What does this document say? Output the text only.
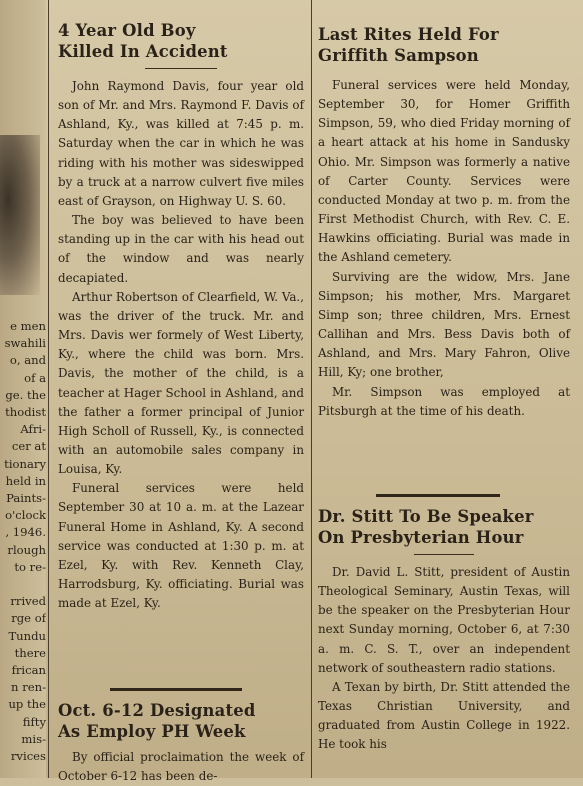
e men
swahili
o, and
of a
ge. the
thodist
Afri-
cer at
tionary
held in
Paints-
o'clock
, 1946.
rlough
to re-

rrived
rge of
Tundu
there
frican
n ren-
up the
fifty
mis-
rvices
4 Year Old Boy
Killed In Accident

John Raymond Davis, four year old son of Mr. and Mrs. Raymond F. Davis of Ashland, Ky., was killed at 7:45 p. m. Saturday when the car in which he was riding with his mother was sideswipped by a truck at a narrow culvert five miles east of Grayson, on Highway U. S. 60.

The boy was believed to have been standing up in the car with his head out of the window and was nearly decapiated.

Arthur Robertson of Clearfield, W. Va., was the driver of the truck. Mr. and Mrs. Davis wer formely of West Liberty, Ky., where the child was born. Mrs. Davis, the mother of the child, is a teacher at Hager School in Ashland, and the father a former principal of Junior High Scholl of Russell, Ky., is connected with an automobile sales company in Louisa, Ky.

Funeral services were held September 30 at 10 a. m. at the Lazear Funeral Home in Ashland, Ky. A second service was conducted at 1:30 p. m. at Ezel, Ky. with Rev. Kenneth Clay, Harrodsburg, Ky. officiating. Burial was made at Ezel, Ky.

Oct. 6-12 Designated
As Employ PH Week

By official proclaimation the week of October 6-12 has been de-

Last Rites Held For
Griffith Sampson

Funeral services were held Monday, September 30, for Homer Griffith Simpson, 59, who died Friday morning of a heart attack at his home in Sandusky Ohio. Mr. Simpson was formerly a native of Carter County. Services were conducted Monday at two p. m. from the First Methodist Church, with Rev. C. E. Hawkins officiating. Burial was made in the Ashland cemetery.

Surviving are the widow, Mrs. Jane Simpson; his mother, Mrs. Margaret Simp son; three children, Mrs. Ernest Callihan and Mrs. Bess Davis both of Ashland, and Mrs. Mary Fahron, Olive Hill, Ky; one brother,

Mr. Simpson was employed at Pitsburgh at the time of his death.

Dr. Stitt To Be Speaker
On Presbyterian Hour

Dr. David L. Stitt, president of Austin Theological Seminary, Austin Texas, will be the speaker on the Presbyterian Hour next Sunday morning, October 6, at 7:30 a. m. C. S. T., over an independent network of southeastern radio stations.

A Texan by birth, Dr. Stitt attended the Texas Christian University, and graduated from Austin College in 1922. He took his
